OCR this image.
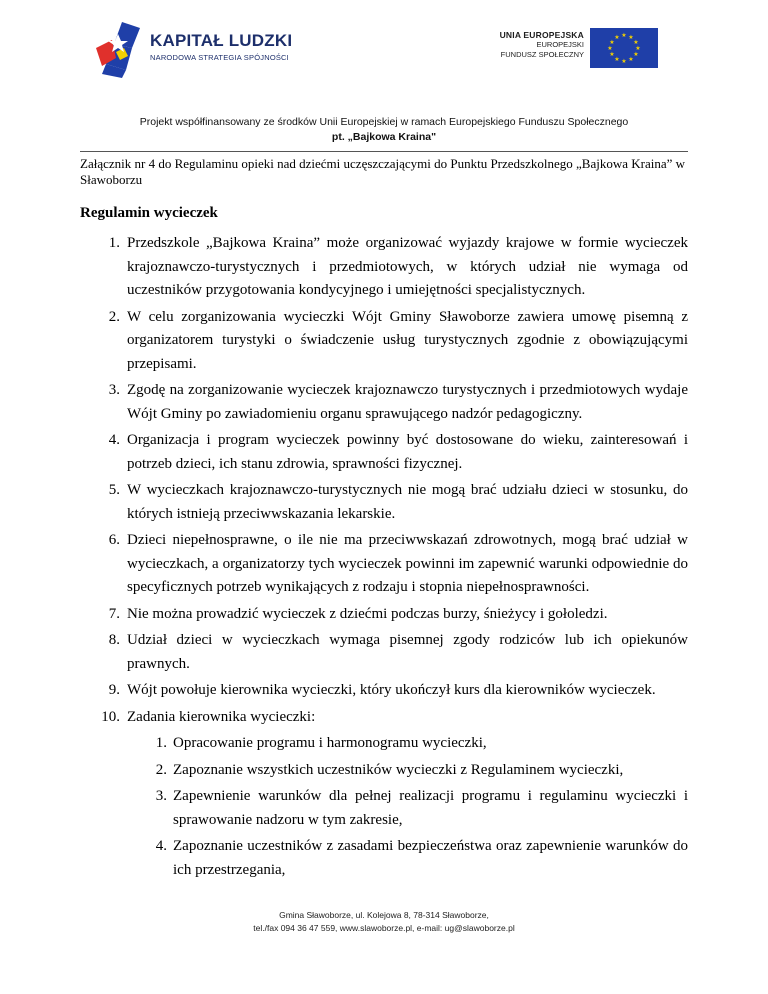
KAPITAŁ LUDZKI
NARODOWA STRATEGIA SPÓJNOŚCI
UNIA EUROPEJSKA
EUROPEJSKI
FUNDUSZ SPOŁECZNY
★ ★
★
★
★
★
★
★
★
★
★
★
Projekt współfinansowany ze środków Unii Europejskiej w ramach Europejskiego Funduszu Społecznego
pt. „Bajkowa Kraina"
Załącznik nr 4 do Regulaminu opieki nad dziećmi uczęszczającymi do Punktu Przedszkolnego „Bajkowa Kraina” w Sławoborzu
Regulamin wycieczek
1. Przedszkole „Bajkowa Kraina” może organizować wyjazdy krajowe w formie wycieczek krajoznawczo-turystycznych i przedmiotowych, w których udział nie wymaga od uczestników przygotowania kondycyjnego i umiejętności specjalistycznych.
2. W celu zorganizowania wycieczki Wójt Gminy Sławoborze zawiera umowę pisemną z organizatorem turystyki o świadczenie usług turystycznych zgodnie z obowiązującymi przepisami.
3. Zgodę na zorganizowanie wycieczek krajoznawczo turystycznych i przedmiotowych wydaje Wójt Gminy po zawiadomieniu organu sprawującego nadzór pedagogiczny.
4. Organizacja i program wycieczek powinny być dostosowane do wieku, zainteresowań i potrzeb dzieci, ich stanu zdrowia, sprawności fizycznej.
5. W wycieczkach krajoznawczo-turystycznych nie mogą brać udziału dzieci w stosunku, do których istnieją przeciwwskazania lekarskie.
6. Dzieci niepełnosprawne, o ile nie ma przeciwwskazań zdrowotnych, mogą brać udział w wycieczkach, a organizatorzy tych wycieczek powinni im zapewnić warunki odpowiednie do specyficznych potrzeb wynikających z rodzaju i stopnia niepełnosprawności.
7. Nie można prowadzić wycieczek z dziećmi podczas burzy, śnieżycy i gołoledzi.
8. Udział dzieci w wycieczkach wymaga pisemnej zgody rodziców lub ich opiekunów prawnych.
9. Wójt powołuje kierownika wycieczki, który ukończył kurs dla kierowników wycieczek.
10. Zadania kierownika wycieczki:
1. Opracowanie programu i harmonogramu wycieczki,
2. Zapoznanie wszystkich uczestników wycieczki z Regulaminem wycieczki,
3. Zapewnienie warunków dla pełnej realizacji programu i regulaminu wycieczki i sprawowanie nadzoru w tym zakresie,
4. Zapoznanie uczestników z zasadami bezpieczeństwa oraz zapewnienie warunków do ich przestrzegania,
Gmina Sławoborze, ul. Kolejowa 8, 78-314 Sławoborze,
tel./fax 094 36 47 559, www.slawoborze.pl, e-mail: ug@slawoborze.pl
